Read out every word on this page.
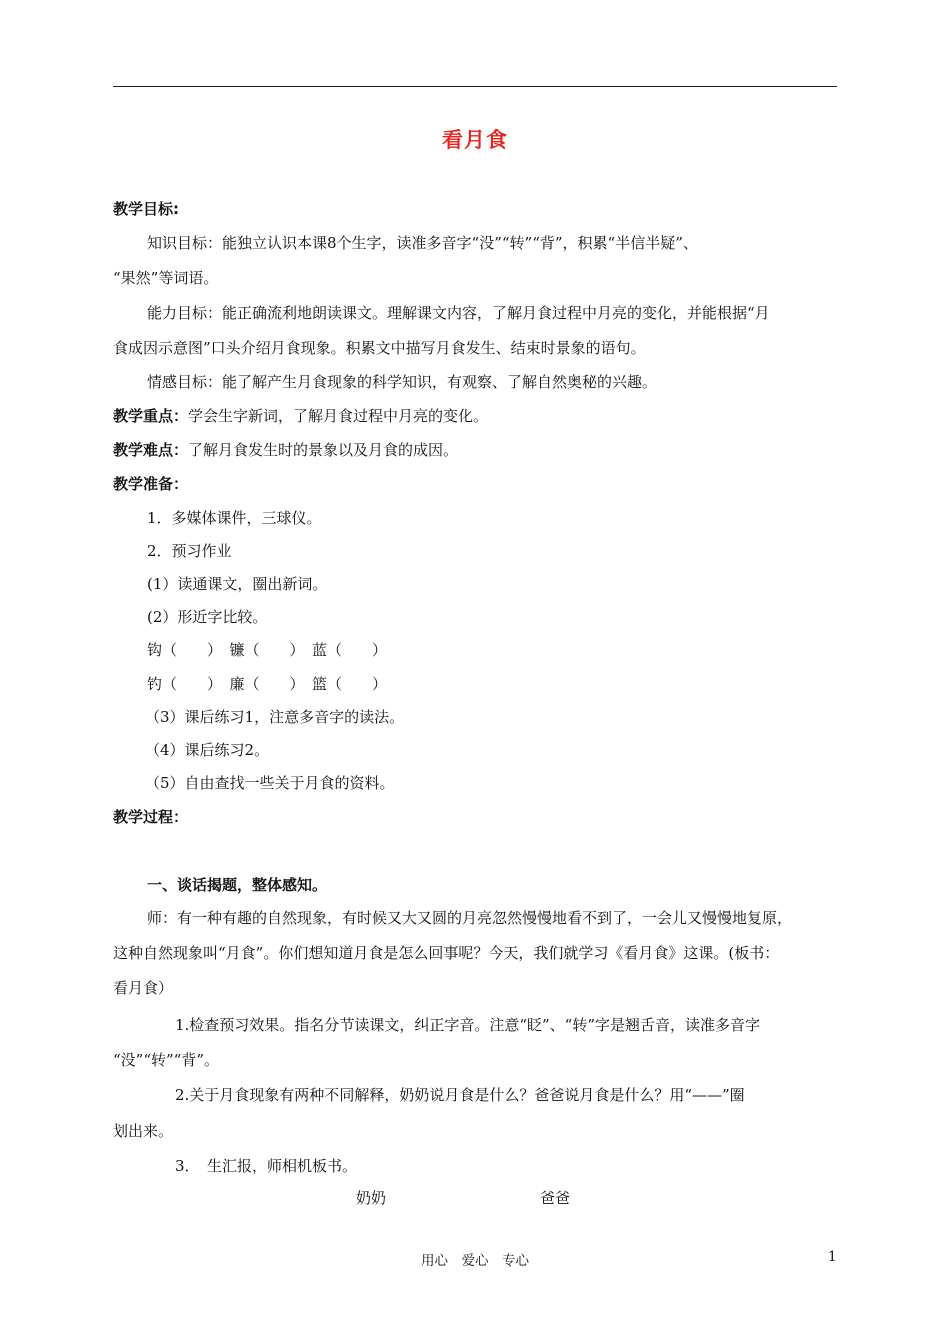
看月食
教学目标:
知识目标：能独立认识本课8个生字，读准多音字“没”“转”“背”，积累“半信半疑”、
“果然”等词语。
能力目标：能正确流利地朗读课文。理解课文内容，了解月食过程中月亮的变化，并能根据“月
食成因示意图”口头介绍月食现象。积累文中描写月食发生、结束时景象的语句。
情感目标：能了解产生月食现象的科学知识，有观察、了解自然奥秘的兴趣。
教学重点：学会生字新词，了解月食过程中月亮的变化。
教学难点：了解月食发生时的景象以及月食的成因。
教学准备：
1．多媒体课件，三球仪。
2．预习作业
(1）读通课文，圈出新词。
(2）形近字比较。
钩（　　）　镰（　　）　蓝（　　）
钓（　　）　廉（　　）　篮（　　）
（3）课后练习1，注意多音字的读法。
（4）课后练习2。
（5）自由查找一些关于月食的资料。
教学过程：
一、谈话揭题，整体感知。
师：有一种有趣的自然现象，有时候又大又圆的月亮忽然慢慢地看不到了，一会儿又慢慢地复原，
这种自然现象叫“月食”。你们想知道月食是怎么回事呢？今天，我们就学习《看月食》这课。(板书：
看月食）
1.检查预习效果。指名分节读课文，纠正字音。注意“眨”、“转”字是翘舌音，读准多音字
“没”“转”“背”。
2.关于月食现象有两种不同解释，奶奶说月食是什么？爸爸说月食是什么？用“——”圈
划出来。
3．　生汇报，师相机板书。
奶奶	爸爸
用心　爱心　专心	1
